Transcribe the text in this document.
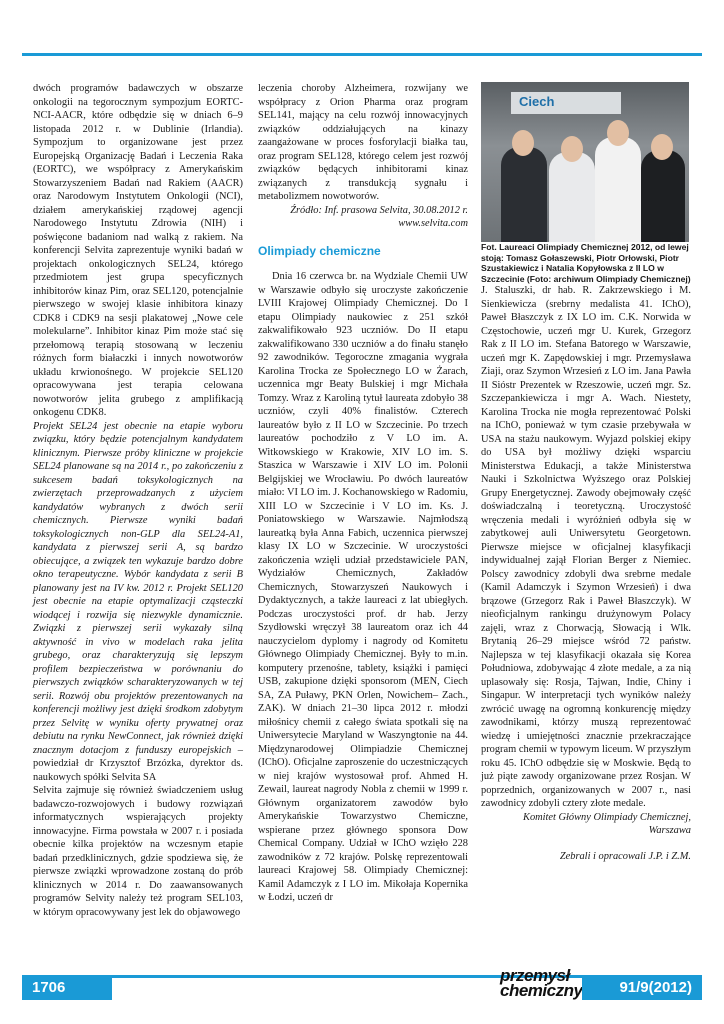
dwóch programów badawczych w obszarze onkologii na tegorocznym sympozjum EORTC-NCI-AACR, które odbędzie się w dniach 6–9 listopada 2012 r. w Dublinie (Irlandia). Sympozjum to organizowane jest przez Europejską Organizację Badań i Leczenia Raka (EORTC), we współpracy z Amerykańskim Stowarzyszeniem Badań nad Rakiem (AACR) oraz Narodowym Instytutem Onkologii (NCI), działem amerykańskiej rządowej agencji Narodowego Instytutu Zdrowia (NIH) i poświęcone badaniom nad walką z rakiem. Na konferencji Selvita zaprezentuje wyniki badań w projektach onkologicznych SEL24, którego przedmiotem jest grupa specyficznych inhibitorów kinaz Pim, oraz SEL120, potencjalnie pierwszego w swojej klasie inhibitora kinazy CDK8 i CDK9 na sesji plakatowej „Nowe cele molekularne”. Inhibitor kinaz Pim może stać się przełomową terapią stosowaną w leczeniu różnych form białaczki i innych nowotworów układu krwionośnego. W projekcie SEL120 opracowywana jest terapia celowana nowotworów jelita grubego z amplifikacją onkogenu CDK8.

Projekt SEL24 jest obecnie na etapie wyboru związku, który będzie potencjalnym kandydatem klinicznym. Pierwsze próby kliniczne w projekcie SEL24 planowane są na 2014 r., po zakończeniu z sukcesem badań toksykologicznych na zwierzętach przeprowadzanych z użyciem kandydatów wybranych z dwóch serii chemicznych. Pierwsze wyniki badań toksykologicznych non-GLP dla SEL24-A1, kandydata z pierwszej serii A, są bardzo obiecujące, a związek ten wykazuje bardzo dobre okno terapeutyczne. Wybór kandydata z serii B planowany jest na IV kw. 2012 r. Projekt SEL120 jest obecnie na etapie optymalizacji cząsteczki wiodącej i rozwija się niezwykle dynamicznie. Związki z pierwszej serii wykazały silną aktywność in vivo w modelach raka jelita grubego, oraz charakteryzują się lepszym profilem bezpieczeństwa w porównaniu do pierwszych związków scharakteryzowanych w tej serii. Rozwój obu projektów prezentowanych na konferencji możliwy jest dzięki środkom zdobytym przez Selvitę w wyniku oferty prywatnej oraz debiutu na rynku NewConnect, jak również dzięki znacznym dotacjom z funduszy europejskich – powiedział dr Krzysztof Brzózka, dyrektor ds. naukowych spółki Selvita SA

Selvita zajmuje się również świadczeniem usług badawczo-rozwojowych i budowy rozwiązań informatycznych wspierających projekty innowacyjne. Firma powstała w 2007 r. i posiada obecnie kilka projektów na wczesnym etapie badań przedklinicznych, gdzie spodziewa się, że pierwsze związki wprowadzone zostaną do prób klinicznych w 2014 r. Do zaawansowanych programów Selvity należy też program SEL103, w którym opracowywany jest lek do objawowego

leczenia choroby Alzheimera, rozwijany we współpracy z Orion Pharma oraz program SEL141, mający na celu rozwój innowacyjnych związków oddziałujących na kinazy zaangażowane w proces fosforylacji białka tau, oraz program SEL128, którego celem jest rozwój związków będących inhibitorami kinaz związanych z transdukcją sygnału i metabolizmem nowotworów.

Źródło: Inf. prasowa Selvita, 30.08.2012 r.

www.selvita.com

Olimpiady chemiczne

Dnia 16 czerwca br. na Wydziale Chemii UW w Warszawie odbyło się uroczyste zakończenie LVIII Krajowej Olimpiady Chemicznej. Do I etapu Olimpiady naukowiec z 251 szkół zakwalifikowało 923 uczniów. Do II etapu zakwalifikowano 330 uczniów a do finału stanęło 92 zawodników. Tegoroczne zmagania wygrała Karolina Trocka ze Społecznego LO w Żarach, uczennica mgr Beaty Bulskiej i mgr Michała Tomzy. Wraz z Karoliną tytuł laureata zdobyło 38 uczniów, czyli 40% finalistów. Czterech laureatów było z II LO w Szczecinie. Po trzech laureatów pochodziło z V LO im. A. Witkowskiego w Krakowie, XIV LO im. S. Staszica w Warszawie i XIV LO im. Polonii Belgijskiej we Wrocławiu. Po dwóch laureatów miało: VI LO im. J. Kochanowskiego w Radomiu, XIII LO w Szczecinie i V LO im. Ks. J. Poniatowskiego w Warszawie. Najmłodszą laureatką była Anna Fabich, uczennica pierwszej klasy IX LO w Szczecinie. W uroczystości zakończenia wzięli udział przedstawiciele PAN, Wydziałów Chemicznych, Zakładów Chemicznych, Stowarzyszeń Naukowych i Dydaktycznych, a także laureaci z lat ubiegłych. Podczas uroczystości prof. dr hab. Jerzy Szydłowski wręczył 38 laureatom oraz ich 44 nauczycielom dyplomy i nagrody od Komitetu Głównego Olimpiady Chemicznej. Były to m.in. komputery przenośne, tablety, książki i pamięci USB, zakupione dzięki sponsorom (MEN, Ciech SA, ZA Puławy, PKN Orlen, Nowichem– Zach., ZAK). W dniach 21–30 lipca 2012 r. młodzi miłośnicy chemii z całego świata spotkali się na Uniwersytecie Maryland w Waszyngtonie na 44. Międzynarodowej Olimpiadzie Chemicznej (IChO). Oficjalne zaproszenie do uczestniczących w niej krajów wystosował prof. Ahmed H. Zewail, laureat nagrody Nobla z chemii w 1999 r. Głównym organizatorem zawodów było Amerykańskie Towarzystwo Chemiczne, wspierane przez głównego sponsora Dow Chemical Company. Udział w IChO wzięło 228 zawodników z 72 krajów. Polskę reprezentowali laureaci Krajowej 58. Olimpiady Chemicznej: Kamil Adamczyk z I LO im. Mikołaja Kopernika w Łodzi, uczeń dr

Ciech

Fot. Laureaci Olimpiady Chemicznej 2012, od lewej stoją: Tomasz Gołaszewski, Piotr Orłowski, Piotr Szustakiewicz i Natalia Kopyłowska z II LO w Szczecinie (Foto: archiwum Olimpiady Chemicznej)

J. Staluszki, dr hab. R. Zakrzewskiego i M. Sienkiewicza (srebrny medalista 41. IChO), Paweł Błaszczyk z IX LO im. C.K. Norwida w Częstochowie, uczeń mgr U. Kurek, Grzegorz Rak z II LO im. Stefana Batorego w Warszawie, uczeń mgr K. Zapędowskiej i mgr. Przemysława Ziaji, oraz Szymon Wrzesień z LO im. Jana Pawła II Sióstr Prezentek w Rzeszowie, uczeń mgr. Sz. Szczepankiewicza i mgr A. Wach. Niestety, Karolina Trocka nie mogła reprezentować Polski na IChO, ponieważ w tym czasie przebywała w USA na stażu naukowym. Wyjazd polskiej ekipy do USA był możliwy dzięki wsparciu Ministerstwa Edukacji, a także Ministerstwa Nauki i Szkolnictwa Wyższego oraz Polskiej Grupy Energetycznej. Zawody obejmowały część doświadczalną i teoretyczną. Uroczystość wręczenia medali i wyróżnień odbyła się w zabytkowej auli Uniwersytetu Georgetown. Pierwsze miejsce w oficjalnej klasyfikacji indywidualnej zajął Florian Berger z Niemiec. Polscy zawodnicy zdobyli dwa srebrne medale (Kamil Adamczyk i Szymon Wrzesień) i dwa brązowe (Grzegorz Rak i Paweł Błaszczyk). W nieoficjalnym rankingu drużynowym Polacy zajęli, wraz z Chorwacją, Słowacją i Wlk. Brytanią 26–29 miejsce wśród 72 państw. Najlepsza w tej klasyfikacji okazała się Korea Południowa, zdobywając 4 złote medale, a za nią uplasowały się: Rosja, Tajwan, Indie, Chiny i Singapur. W interpretacji tych wyników należy zwrócić uwagę na ogromną konkurencję między zawodnikami, którzy muszą reprezentować wiedzę i umiejętności znacznie przekraczające program chemii w typowym liceum. W przyszłym roku 45. IChO odbędzie się w Moskwie. Będą to już piąte zawody organizowane przez Rosjan. W poprzednich, organizowanych w 2007 r., nasi zawodnicy zdobyli cztery złote medale.

Komitet Główny Olimpiady Chemicznej,

Warszawa

Zebrali i opracowali J.P. i Z.M.

1706
przemysł
chemiczny	91/9(2012)
